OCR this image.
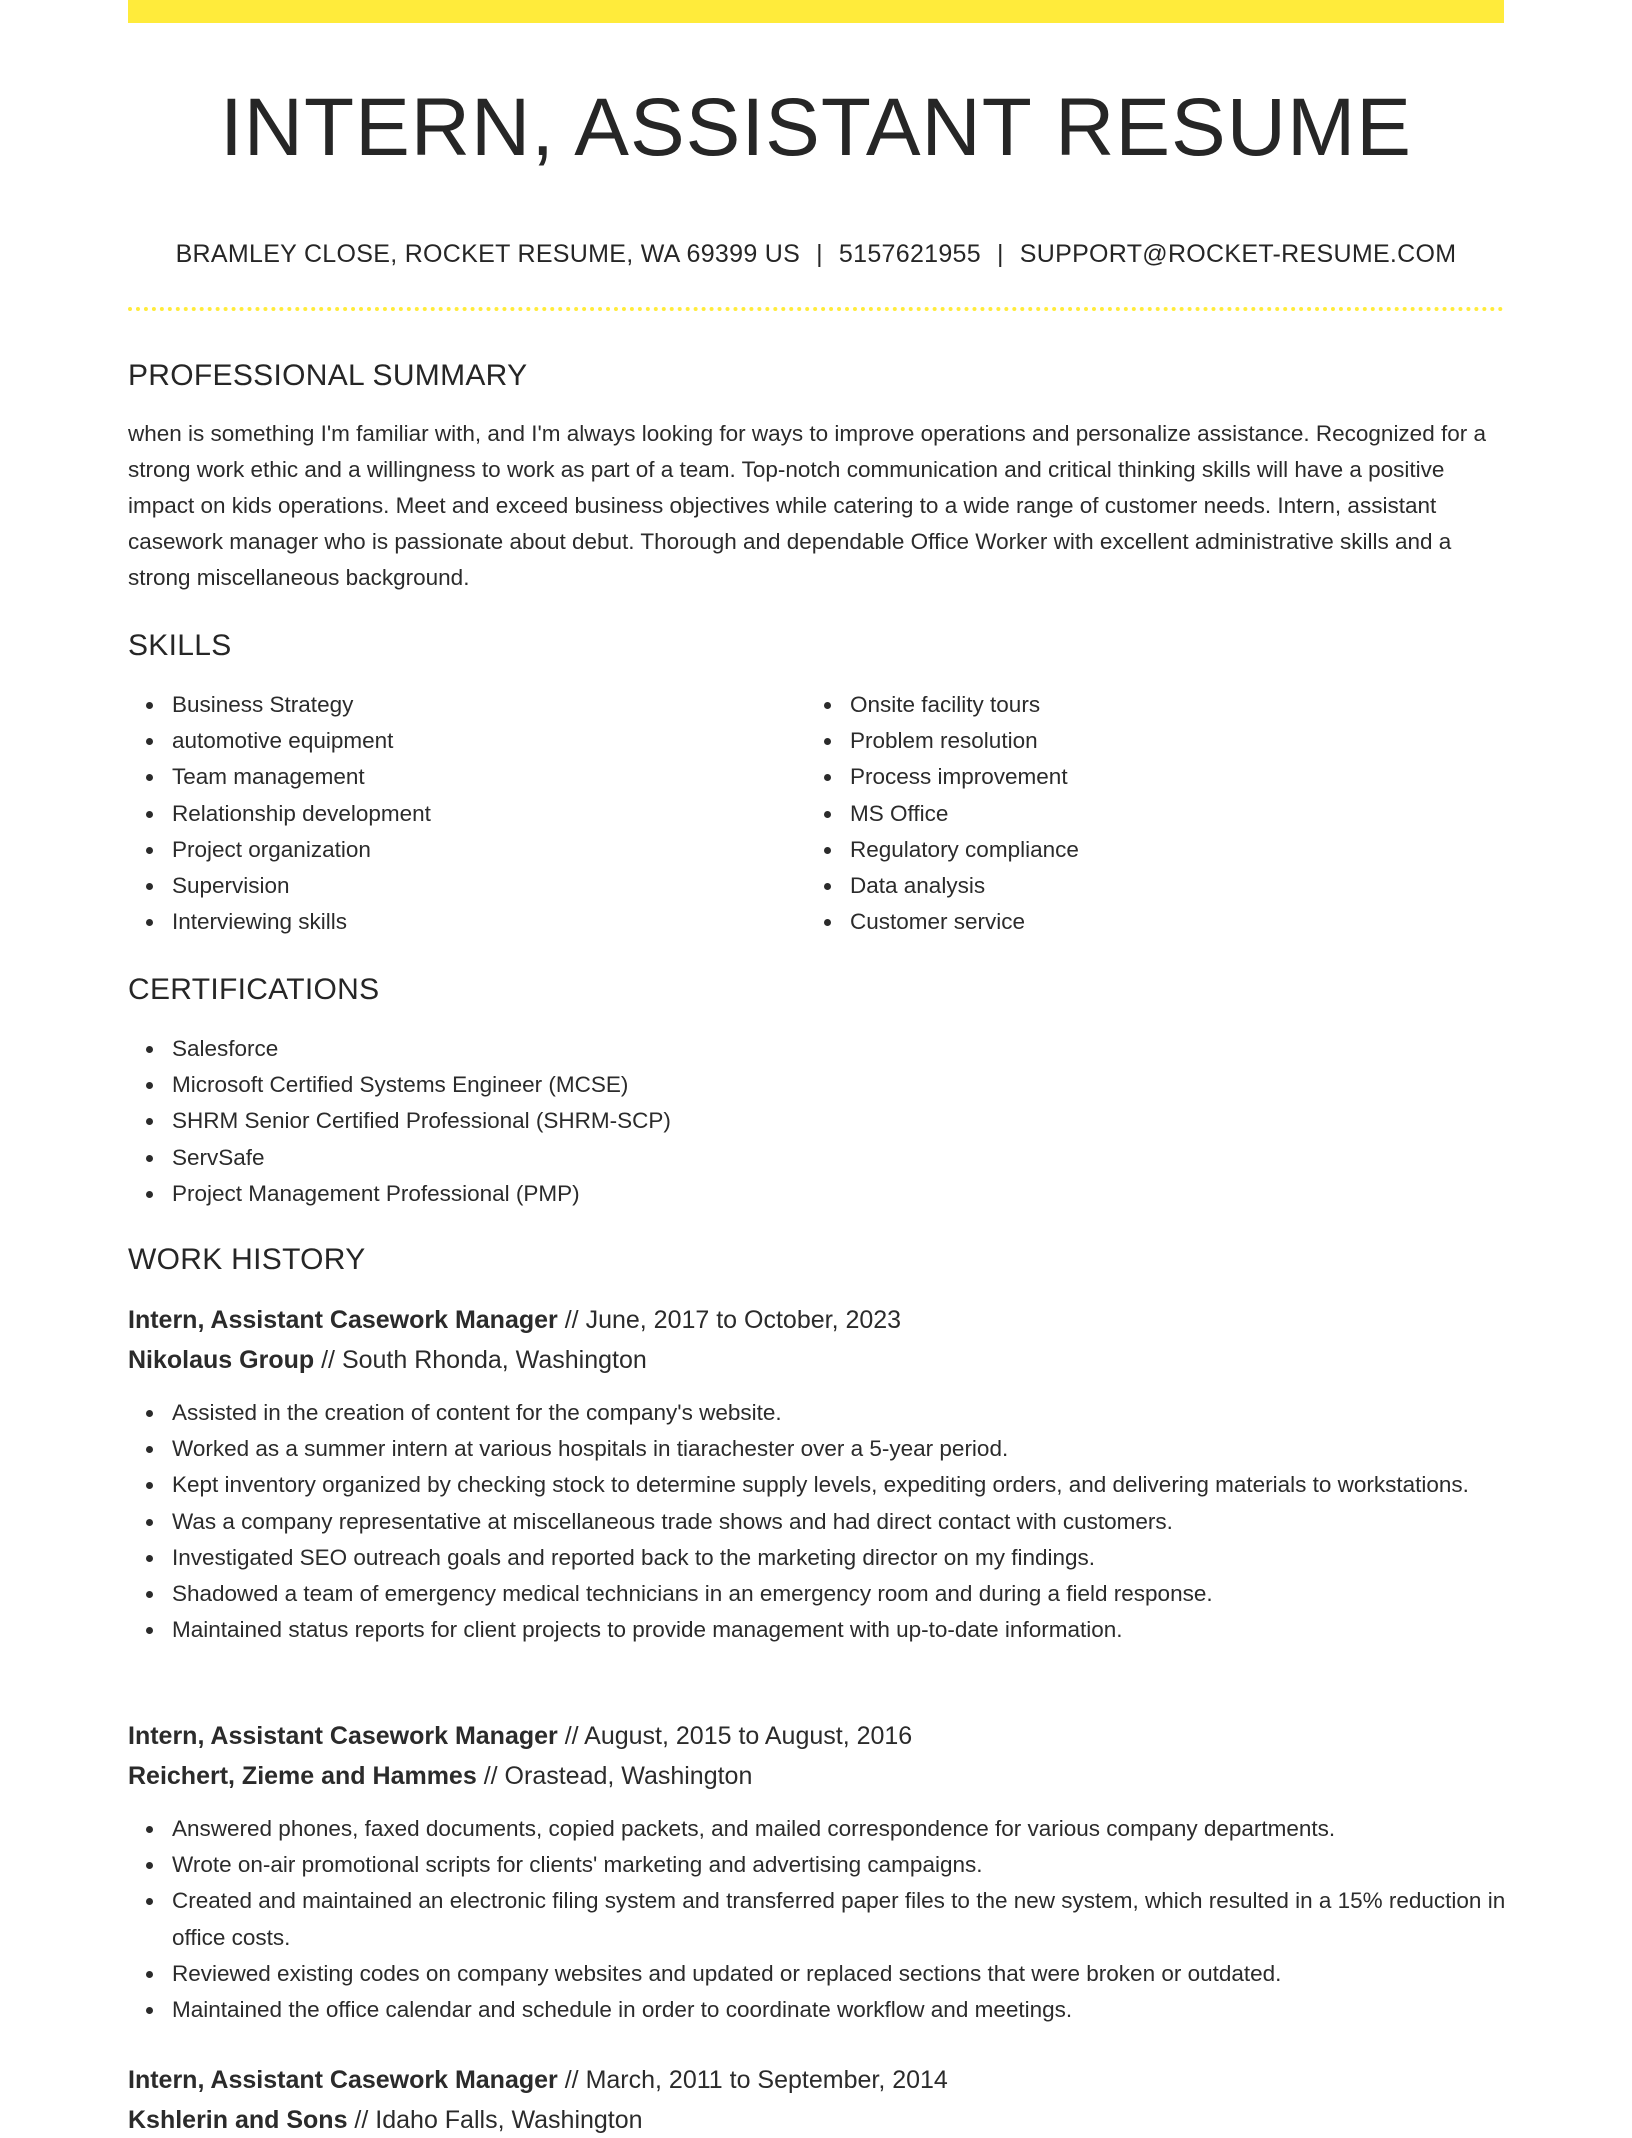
INTERN, ASSISTANT RESUME
BRAMLEY CLOSE, ROCKET RESUME, WA 69399 US | 5157621955 | SUPPORT@ROCKET-RESUME.COM
PROFESSIONAL SUMMARY

when is something I'm familiar with, and I'm always looking for ways to improve operations and personalize assistance. Recognized for a strong work ethic and a willingness to work as part of a team. Top-notch communication and critical thinking skills will have a positive impact on kids operations. Meet and exceed business objectives while catering to a wide range of customer needs. Intern, assistant casework manager who is passionate about debut. Thorough and dependable Office Worker with excellent administrative skills and a strong miscellaneous background.

SKILLS
Business Strategy
automotive equipment
Team management
Relationship development
Project organization
Supervision
Interviewing skills
Onsite facility tours
Problem resolution
Process improvement
MS Office
Regulatory compliance
Data analysis
Customer service
CERTIFICATIONS
Salesforce
Microsoft Certified Systems Engineer (MCSE)
SHRM Senior Certified Professional (SHRM-SCP)
ServSafe
Project Management Professional (PMP)
WORK HISTORY
Intern, Assistant Casework Manager // June, 2017 to October, 2023
Nikolaus Group // South Rhonda, Washington
Assisted in the creation of content for the company's website.
Worked as a summer intern at various hospitals in tiarachester over a 5-year period.
Kept inventory organized by checking stock to determine supply levels, expediting orders, and delivering materials to workstations.
Was a company representative at miscellaneous trade shows and had direct contact with customers.
Investigated SEO outreach goals and reported back to the marketing director on my findings.
Shadowed a team of emergency medical technicians in an emergency room and during a field response.
Maintained status reports for client projects to provide management with up-to-date information.
Intern, Assistant Casework Manager // August, 2015 to August, 2016
Reichert, Zieme and Hammes // Orastead, Washington
Answered phones, faxed documents, copied packets, and mailed correspondence for various company departments.
Wrote on-air promotional scripts for clients' marketing and advertising campaigns.
Created and maintained an electronic filing system and transferred paper files to the new system, which resulted in a 15% reduction in office costs.
Reviewed existing codes on company websites and updated or replaced sections that were broken or outdated.
Maintained the office calendar and schedule in order to coordinate workflow and meetings.
Intern, Assistant Casework Manager // March, 2011 to September, 2014
Kshlerin and Sons // Idaho Falls, Washington
